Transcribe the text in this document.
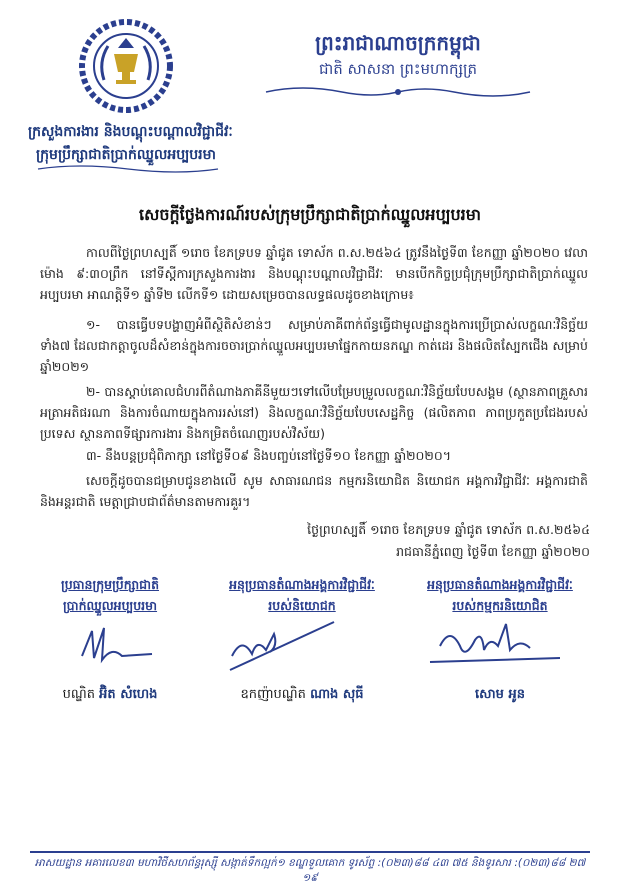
ព្រះរាជាណាចក្រកម្ពុជា
ជាតិ សាសនា ព្រះមហាក្សត្រ
ក្រសួងការងារ និងបណ្តុះបណ្តាលវិជ្ជាជីវៈ
ក្រុមប្រឹក្សាជាតិប្រាក់ឈ្នួលអប្បបរមា
សេចក្តីថ្លែងការណ៍របស់ក្រុមប្រឹក្សាជាតិប្រាក់ឈ្នួលអប្បបរមា
កាលពីថ្ងៃព្រហស្បតិ៍ ១រោច ខែភទ្របទ ឆ្នាំជូត ទោស័ក ព.ស.២៥៦៤ ត្រូវនឹងថ្ងៃទី៣ ខែកញ្ញា ឆ្នាំ២០២០ វេលាម៉ោង ៩:៣០ព្រឹក នៅទីស្តីការក្រសួងការងារ និងបណ្តុះបណ្តាលវិជ្ជាជីវៈ មានបើកកិច្ចប្រជុំក្រុមប្រឹក្សាជាតិប្រាក់ឈ្នួលអប្បបរមា អាណត្តិទី១ ឆ្នាំទី២ លើកទី១ ដោយសម្រេចបានលទ្ធផលដូចខាងក្រោម៖
១- បានធ្វើបទបង្ហាញអំពីស្ថិតិសំខាន់ៗ សម្រាប់ភាគីពាក់ព័ន្ធធ្វើជាមូលដ្ឋានក្នុងការប្រើប្រាស់លក្ខណៈវិនិច្ឆ័យទាំង៧ ដែលជាកត្តាចូលដ៏សំខាន់ក្នុងការចចារប្រាក់ឈ្នួលអប្បបរមាផ្នែកកាយនភណ្ឌ កាត់ដេរ និងផលិតស្បែកជើង សម្រាប់ឆ្នាំ២០២១
២- បានស្តាប់គោលជំហរពីតំណាងភាគីនីមួយៗទៅលើបម្រែបម្រួលលក្ខណៈវិនិច្ឆ័យបែបសង្គម (ស្ថានភាពគ្រួសារ អត្រាអតិផរណា និងការចំណាយក្នុងការរស់នៅ) និងលក្ខណៈវិនិច្ឆ័យបែបសេដ្ឋកិច្ច (ផលិតភាព ភាពប្រកួតប្រជែងរបស់ប្រទេស ស្ថានភាពទីផ្សារការងារ និងកម្រិតចំណេញរបស់វិស័យ)
៣- នឹងបន្តប្រជុំពិភាក្សា នៅថ្ងៃទី០៩ និងបញ្ចប់នៅថ្ងៃទី១០ ខែកញ្ញា ឆ្នាំ២០២០។
សេចក្តីដូចបានជម្រាបជូនខាងលើ សូម សាធារណជន កម្មករនិយោជិត និយោជក អង្គការវិជ្ជាជីវៈ អង្គការជាតិ និងអន្តរជាតិ មេត្តាជ្រាបជាព័ត៌មានតាមការគួរ។
ថ្ងៃព្រហស្បតិ៍ ១រោច ខែភទ្របទ ឆ្នាំជូត ទោស័ក ព.ស.២៥៦៤
រាជធានីភ្នំពេញ ថ្ងៃទី៣ ខែកញ្ញា ឆ្នាំ២០២០
ប្រធានក្រុមប្រឹក្សាជាតិ
ប្រាក់ឈ្នួលអប្បបរមា
អនុប្រធានតំណាងអង្គការវិជ្ជាជីវៈ
របស់និយោជក
អនុប្រធានតំណាងអង្គការវិជ្ជាជីវៈ
របស់កម្មករនិយោជិត
បណ្ឌិត អ៊ិត សំហេង	ឧកញ៉ាបណ្ឌិត ណាង សុធី	សោម អូន
អាសយដ្ឋាន អគារលេខ៣ មហាវិថីសហព័ន្ធរុស្ស៊ី សង្កាត់ទឹកល្អក់១ ខណ្ឌទួលគោក ទូរស័ព្ទ :(០២៣)៨៨ ៤៣ ៧៥ និងទូរសារ :(០២៣)៨៨ ២៧ ១៩
